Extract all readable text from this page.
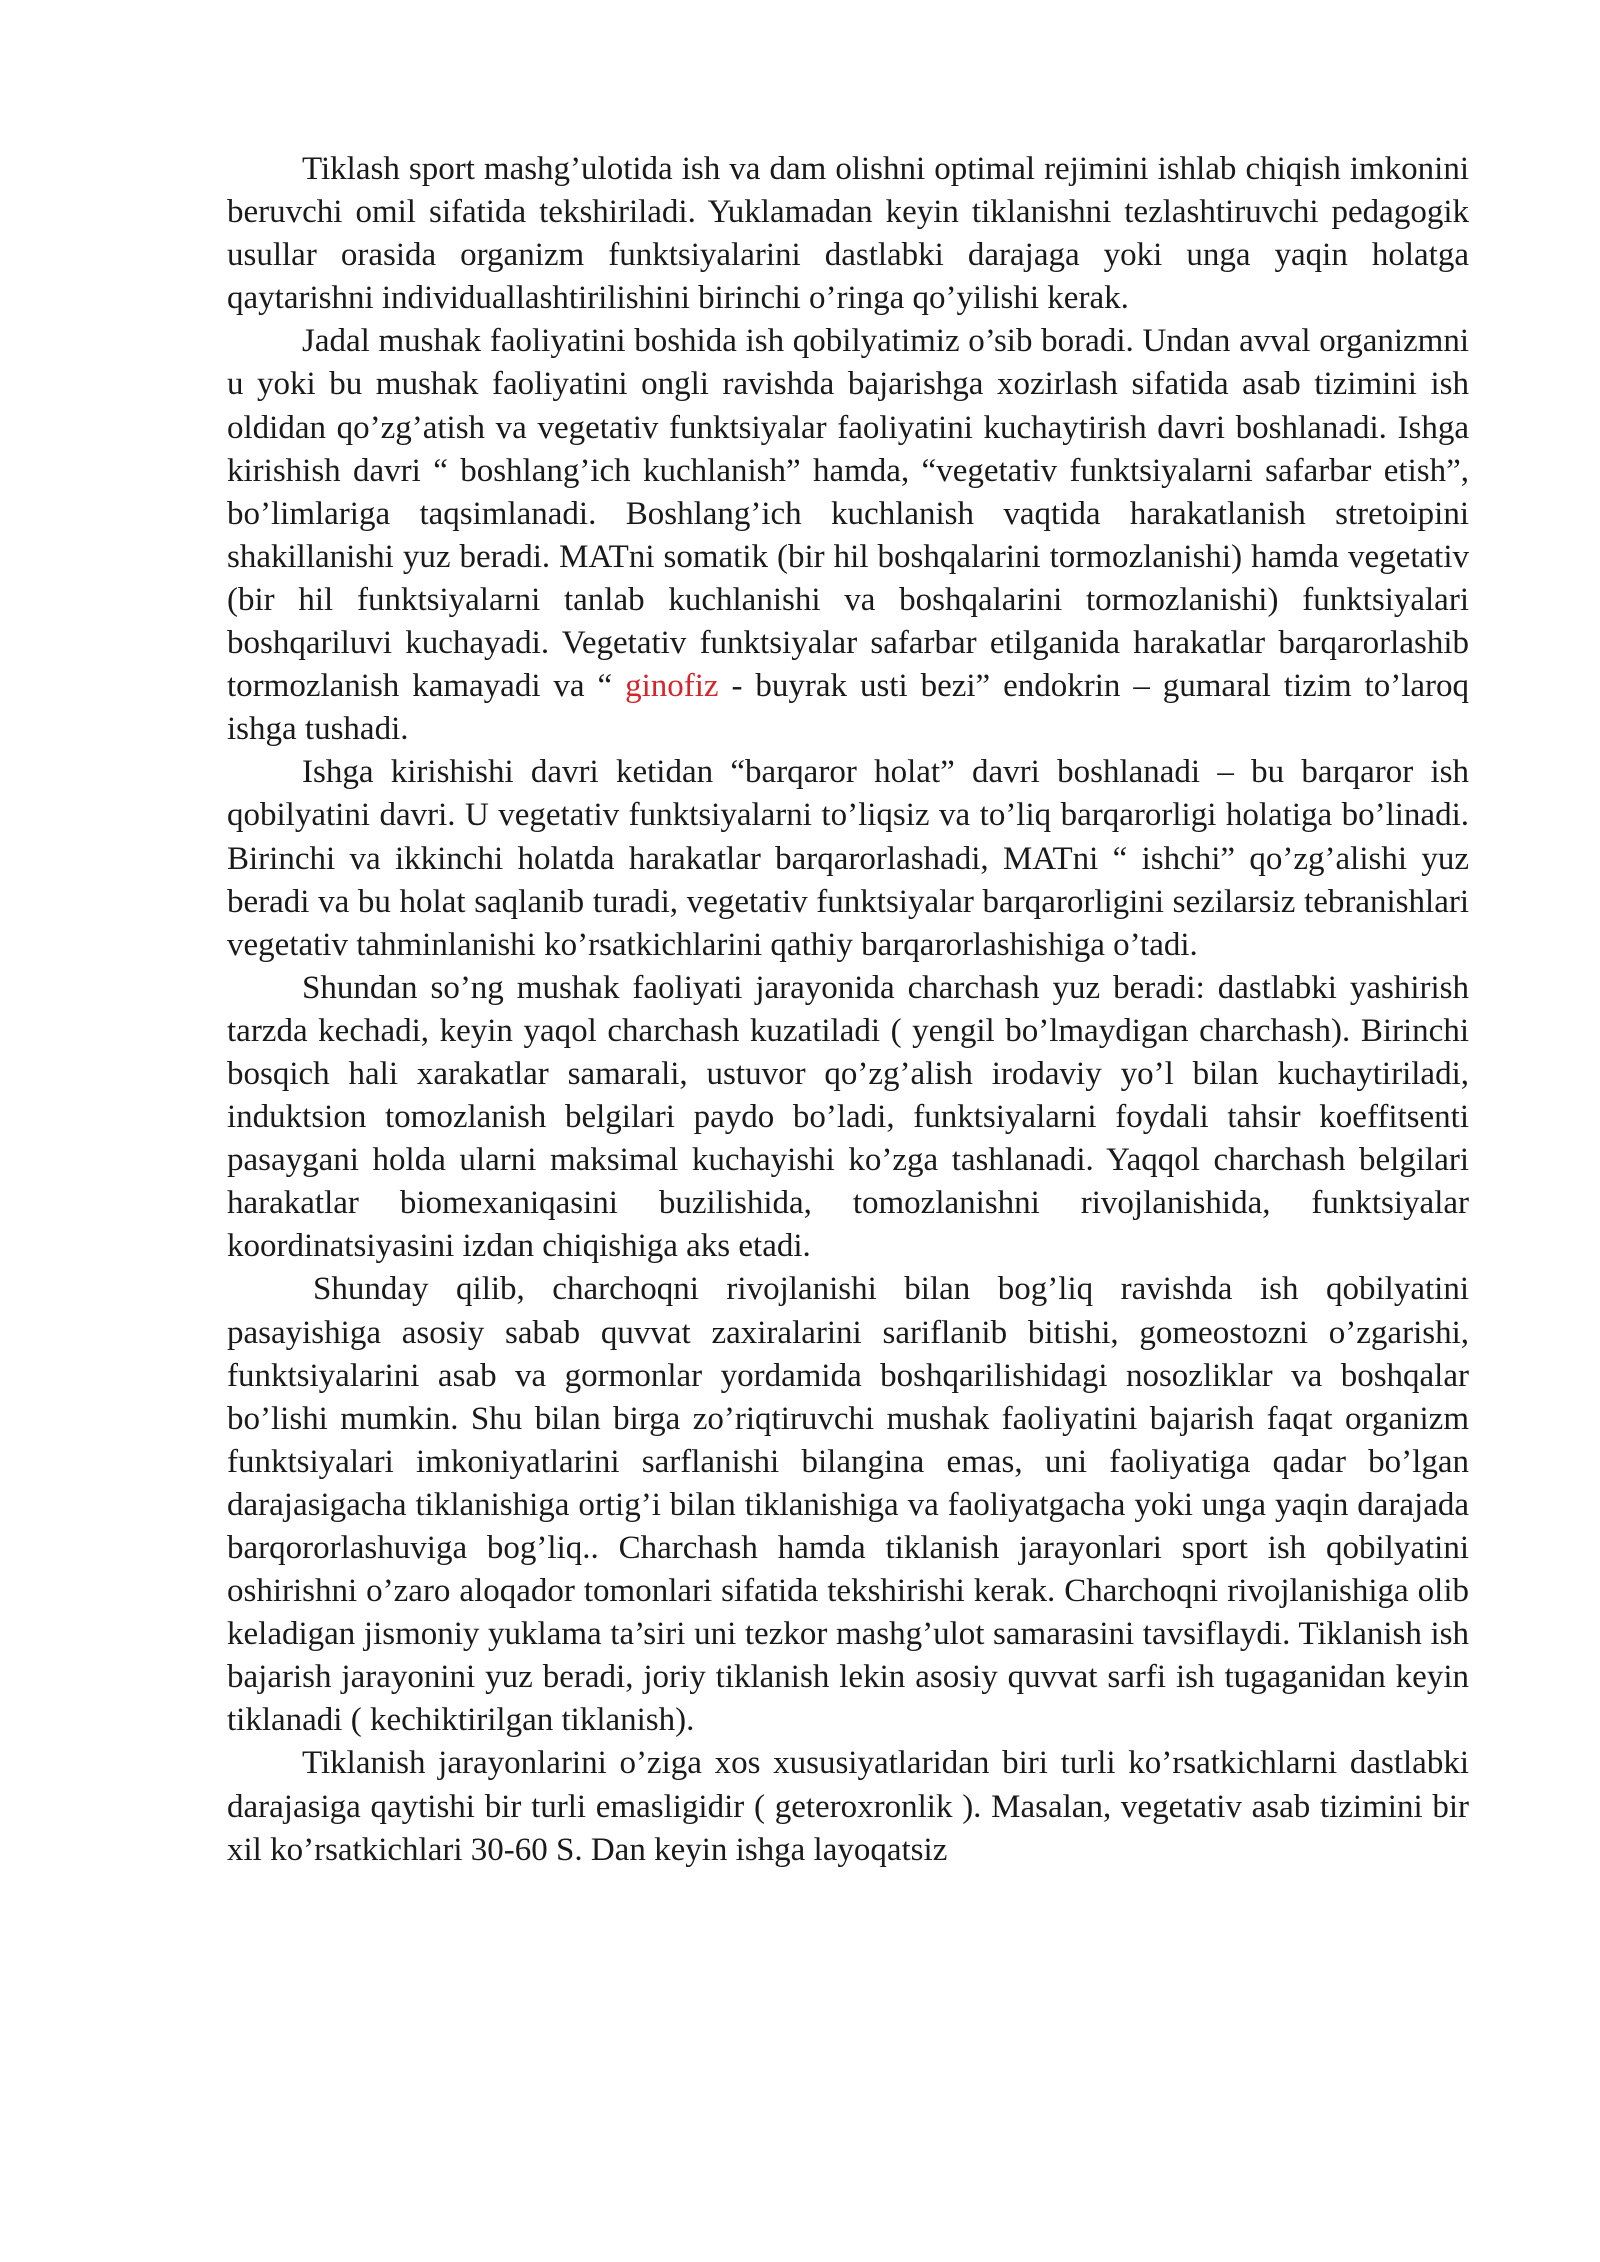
Tiklash sport mashg’ulotida ish va dam olishni optimal rejimini ishlab chiqish imkonini beruvchi omil sifatida tekshiriladi. Yuklamadan keyin tiklanishni tezlashtiruvchi pedagogik usullar orasida organizm funktsiyalarini dastlabki darajaga yoki unga yaqin holatga qaytarishni individuallashtirilishini birinchi o’ringa qo’yilishi kerak.

Jadal mushak faoliyatini boshida ish qobilyatimiz o’sib boradi. Undan avval organizmni u yoki bu mushak faoliyatini ongli ravishda bajarishga xozirlash sifatida asab tizimini ish oldidan qo’zg’atish va vegetativ funktsiyalar faoliyatini kuchaytirish davri boshlanadi. Ishga kirishish davri “ boshlang’ich kuchlanish” hamda, “vegetativ funktsiyalarni safarbar etish”, bo’limlariga taqsimlanadi. Boshlang’ich kuchlanish vaqtida harakatlanish stretoipini shakillanishi yuz beradi. MATni somatik (bir hil boshqalarini tormozlanishi) hamda vegetativ (bir hil funktsiyalarni tanlab kuchlanishi va boshqalarini tormozlanishi) funktsiyalari boshqariluvi kuchayadi. Vegetativ funktsiyalar safarbar etilganida harakatlar barqarorlashib tormozlanish kamayadi va “ ginofiz - buyrak usti bezi” endokrin – gumaral tizim to’laroq ishga tushadi.

Ishga kirishishi davri ketidan “barqaror holat” davri boshlanadi – bu barqaror ish qobilyatini davri. U vegetativ funktsiyalarni to’liqsiz va to’liq barqarorligi holatiga bo’linadi. Birinchi va ikkinchi holatda harakatlar barqarorlashadi, MATni “ ishchi” qo’zg’alishi yuz beradi va bu holat saqlanib turadi, vegetativ funktsiyalar barqarorligini sezilarsiz tebranishlari vegetativ tahminlanishi ko’rsatkichlarini qathiy barqarorlashishiga o’tadi.

Shundan so’ng mushak faoliyati jarayonida charchash yuz beradi: dastlabki yashirish tarzda kechadi, keyin yaqol charchash kuzatiladi ( yengil bo’lmaydigan charchash). Birinchi bosqich hali xarakatlar samarali, ustuvor qo’zg’alish irodaviy yo’l bilan kuchaytiriladi, induktsion tomozlanish belgilari paydo bo’ladi, funktsiyalarni foydali tahsir koeffitsenti pasaygani holda ularni maksimal kuchayishi ko’zga tashlanadi. Yaqqol charchash belgilari harakatlar biomexaniqasini buzilishida, tomozlanishni rivojlanishida, funktsiyalar koordinatsiyasini izdan chiqishiga aks etadi.

Shunday qilib, charchoqni rivojlanishi bilan bog’liq ravishda ish qobilyatini pasayishiga asosiy sabab quvvat zaxiralarini sariflanib bitishi, gomeostozni o’zgarishi, funktsiyalarini asab va gormonlar yordamida boshqarilishidagi nosozliklar va boshqalar bo’lishi mumkin. Shu bilan birga zo’riqtiruvchi mushak faoliyatini bajarish faqat organizm funktsiyalari imkoniyatlarini sarflanishi bilangina emas, uni faoliyatiga qadar bo’lgan darajasigacha tiklanishiga ortig’i bilan tiklanishiga va faoliyatgacha yoki unga yaqin darajada barqororlashuviga bog’liq.. Charchash hamda tiklanish jarayonlari sport ish qobilyatini oshirishni o’zaro aloqador tomonlari sifatida tekshirishi kerak. Charchoqni rivojlanishiga olib keladigan jismoniy yuklama ta’siri uni tezkor mashg’ulot samarasini tavsiflaydi. Tiklanish ish bajarish jarayonini yuz beradi, joriy tiklanish lekin asosiy quvvat sarfi ish tugaganidan keyin tiklanadi ( kechiktirilgan tiklanish).

Tiklanish jarayonlarini o’ziga xos xususiyatlaridan biri turli ko’rsatkichlarni dastlabki darajasiga qaytishi bir turli emasligidir ( geteroxronlik ). Masalan, vegetativ asab tizimini bir xil ko’rsatkichlari 30-60 S. Dan keyin ishga layoqatsiz
